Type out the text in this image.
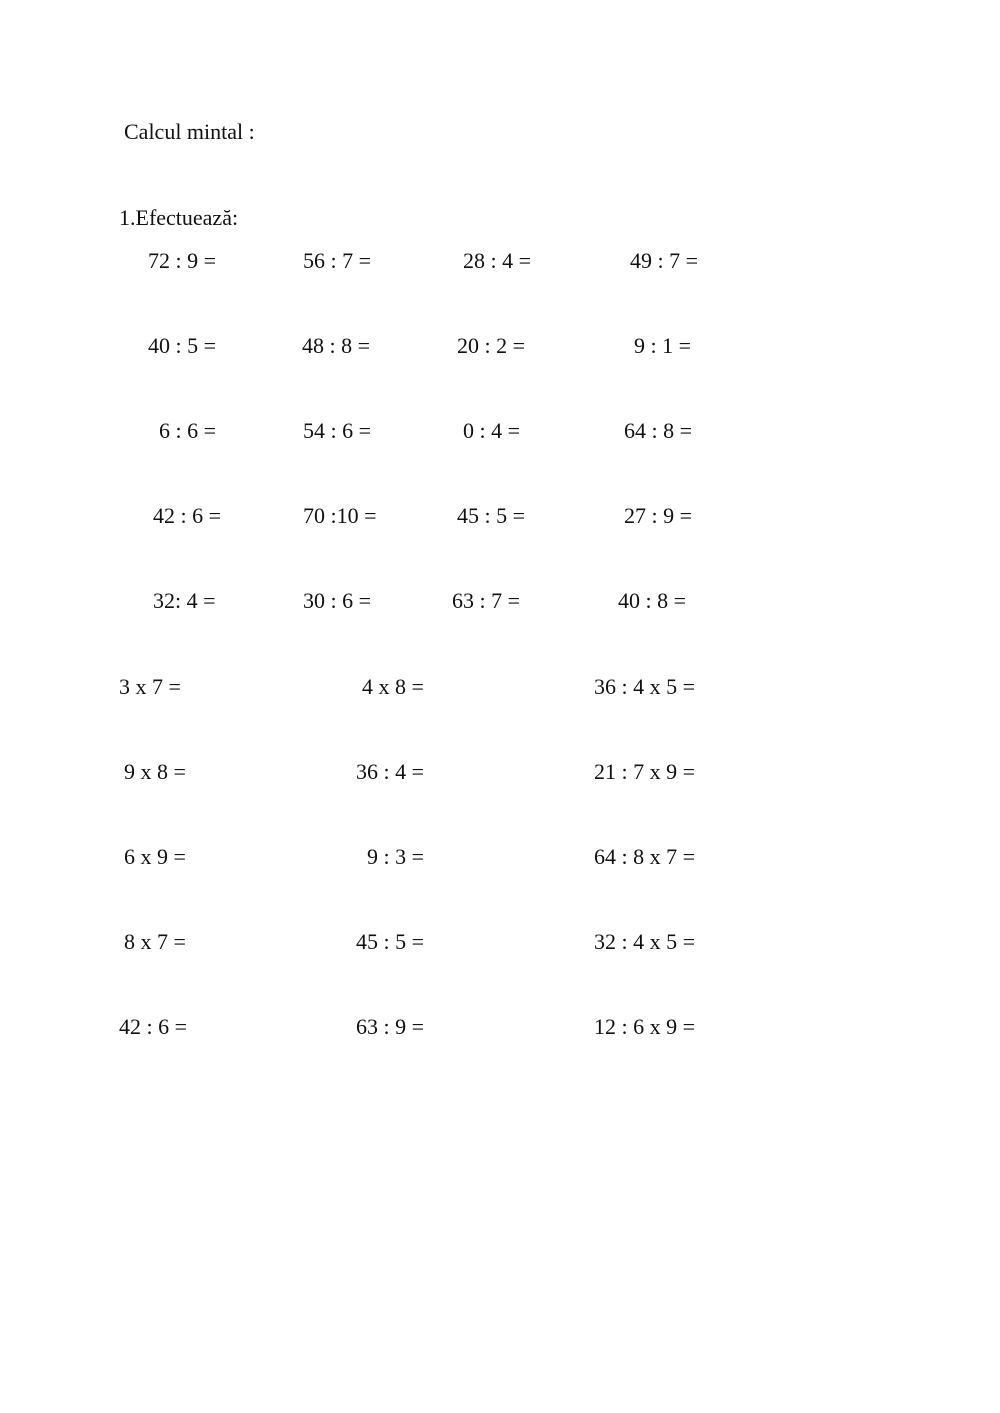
Calcul mintal :
1.Efectuează:
72 : 9 =	56 : 7 =	28 : 4 =	49 : 7 =
40 : 5 =	48 : 8 =	20 : 2 =	9 : 1 =
6 : 6 =	54 : 6 =	0 : 4 =	64 : 8 =
42 : 6 =	70 :10 =	45 : 5 =	27 : 9 =
32: 4 =	30 : 6 =	63 : 7 =	40 : 8 =
3 x 7 =	4 x 8 =	36 : 4 x 5 =
9 x 8 =	36 : 4 =	21 : 7 x 9 =
6 x 9 =	9 : 3 =	64 : 8 x 7 =
8 x 7 =	45 : 5 =	32 : 4 x 5 =
42 : 6 =	63 : 9 =	12 : 6 x 9 =
